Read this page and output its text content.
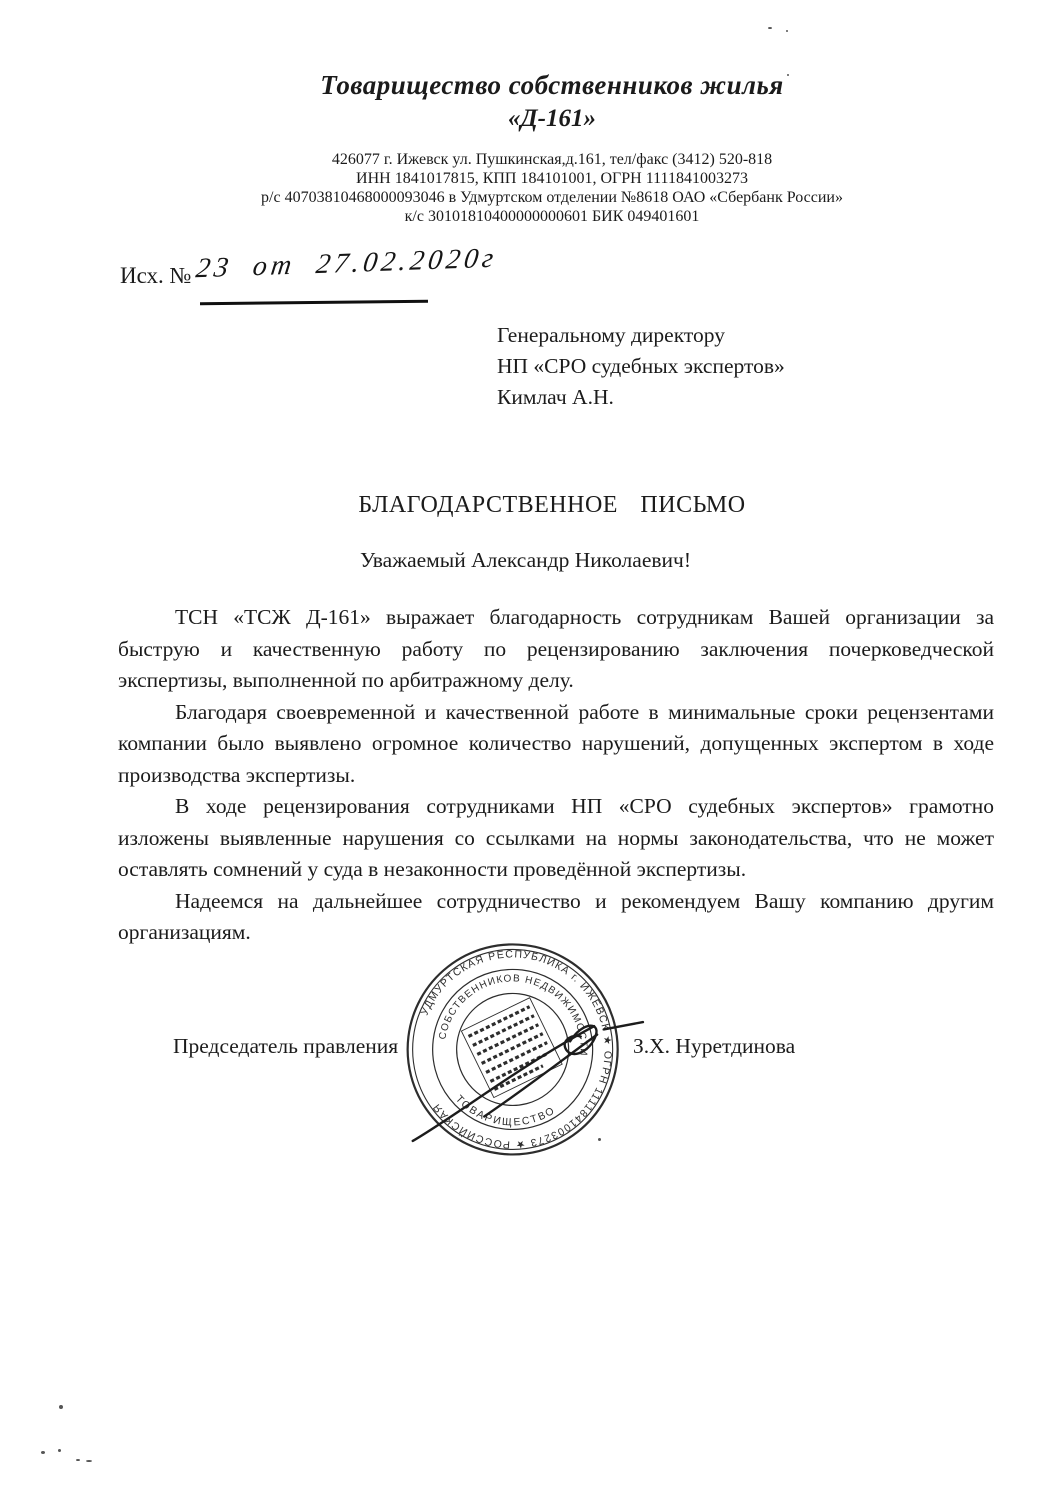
Товарищество собственников жилья
«Д-161»
426077 г. Ижевск ул. Пушкинская,д.161, тел/факс (3412) 520-818
ИНН 1841017815, КПП 184101001, ОГРН 1111841003273
р/с 40703810468000093046 в Удмуртском отделении №8618 ОАО «Сбербанк России»
к/с 30101810400000000601 БИК 049401601
Исх. № 23 от 27.02.2020г
Генеральному директору
НП «СРО судебных экспертов»
Кимлач А.Н.
БЛАГОДАРСТВЕННОЕ ПИСЬМО
Уважаемый Александр Николаевич!

ТСН «ТСЖ Д-161» выражает благодарность сотрудникам Вашей организации за быструю и качественную работу по рецензированию заключения почерковедческой экспертизы, выполненной по арбитражному делу.

Благодаря своевременной и качественной работе в минимальные сроки рецензентами компании было выявлено огромное количество нарушений, допущенных экспертом в ходе производства экспертизы.

В ходе рецензирования сотрудниками НП «СРО судебных экспертов» грамотно изложены выявленные нарушения со ссылками на нормы законодательства, что не может оставлять сомнений у суда в незаконности проведённой экспертизы.

Надеемся на дальнейшее сотрудничество и рекомендуем Вашу компанию другим организациям.

Председатель правления	З.Х. Нуретдинова
УДМУРТСКАЯ РЕСПУБЛИКА г. ИЖЕВСК ★ ОГРН 1111841003273 ★ РОССИЙСКАЯ
СОБСТВЕННИКОВ НЕДВИЖИМОСТИ
ТОВАРИЩЕСТВО
